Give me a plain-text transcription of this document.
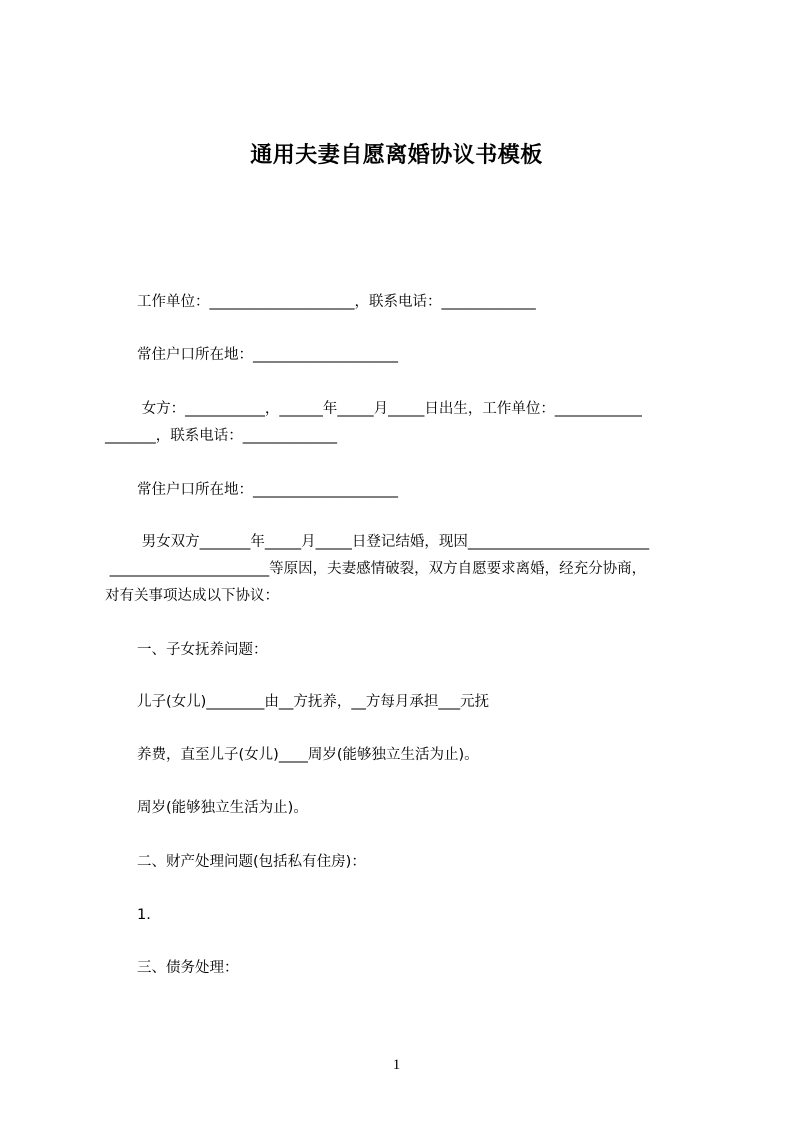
通用夫妻自愿离婚协议书模板
工作单位：____________________，联系电话：_____________
常住户口所在地：____________________
女方：___________，______年_____月_____日出生，工作单位：____________
_______，联系电话：_____________
常住户口所在地：____________________
男女双方_______年_____月_____日登记结婚，现因_________________________
______________________等原因，夫妻感情破裂，双方自愿要求离婚，经充分协商，
对有关事项达成以下协议：
一、子女抚养问题：
儿子(女儿)________由__方抚养，__方每月承担___元抚
养费，直至儿子(女儿)____周岁(能够独立生活为止)。
周岁(能够独立生活为止)。
二、财产处理问题(包括私有住房)：
1.
三、债务处理：
1
